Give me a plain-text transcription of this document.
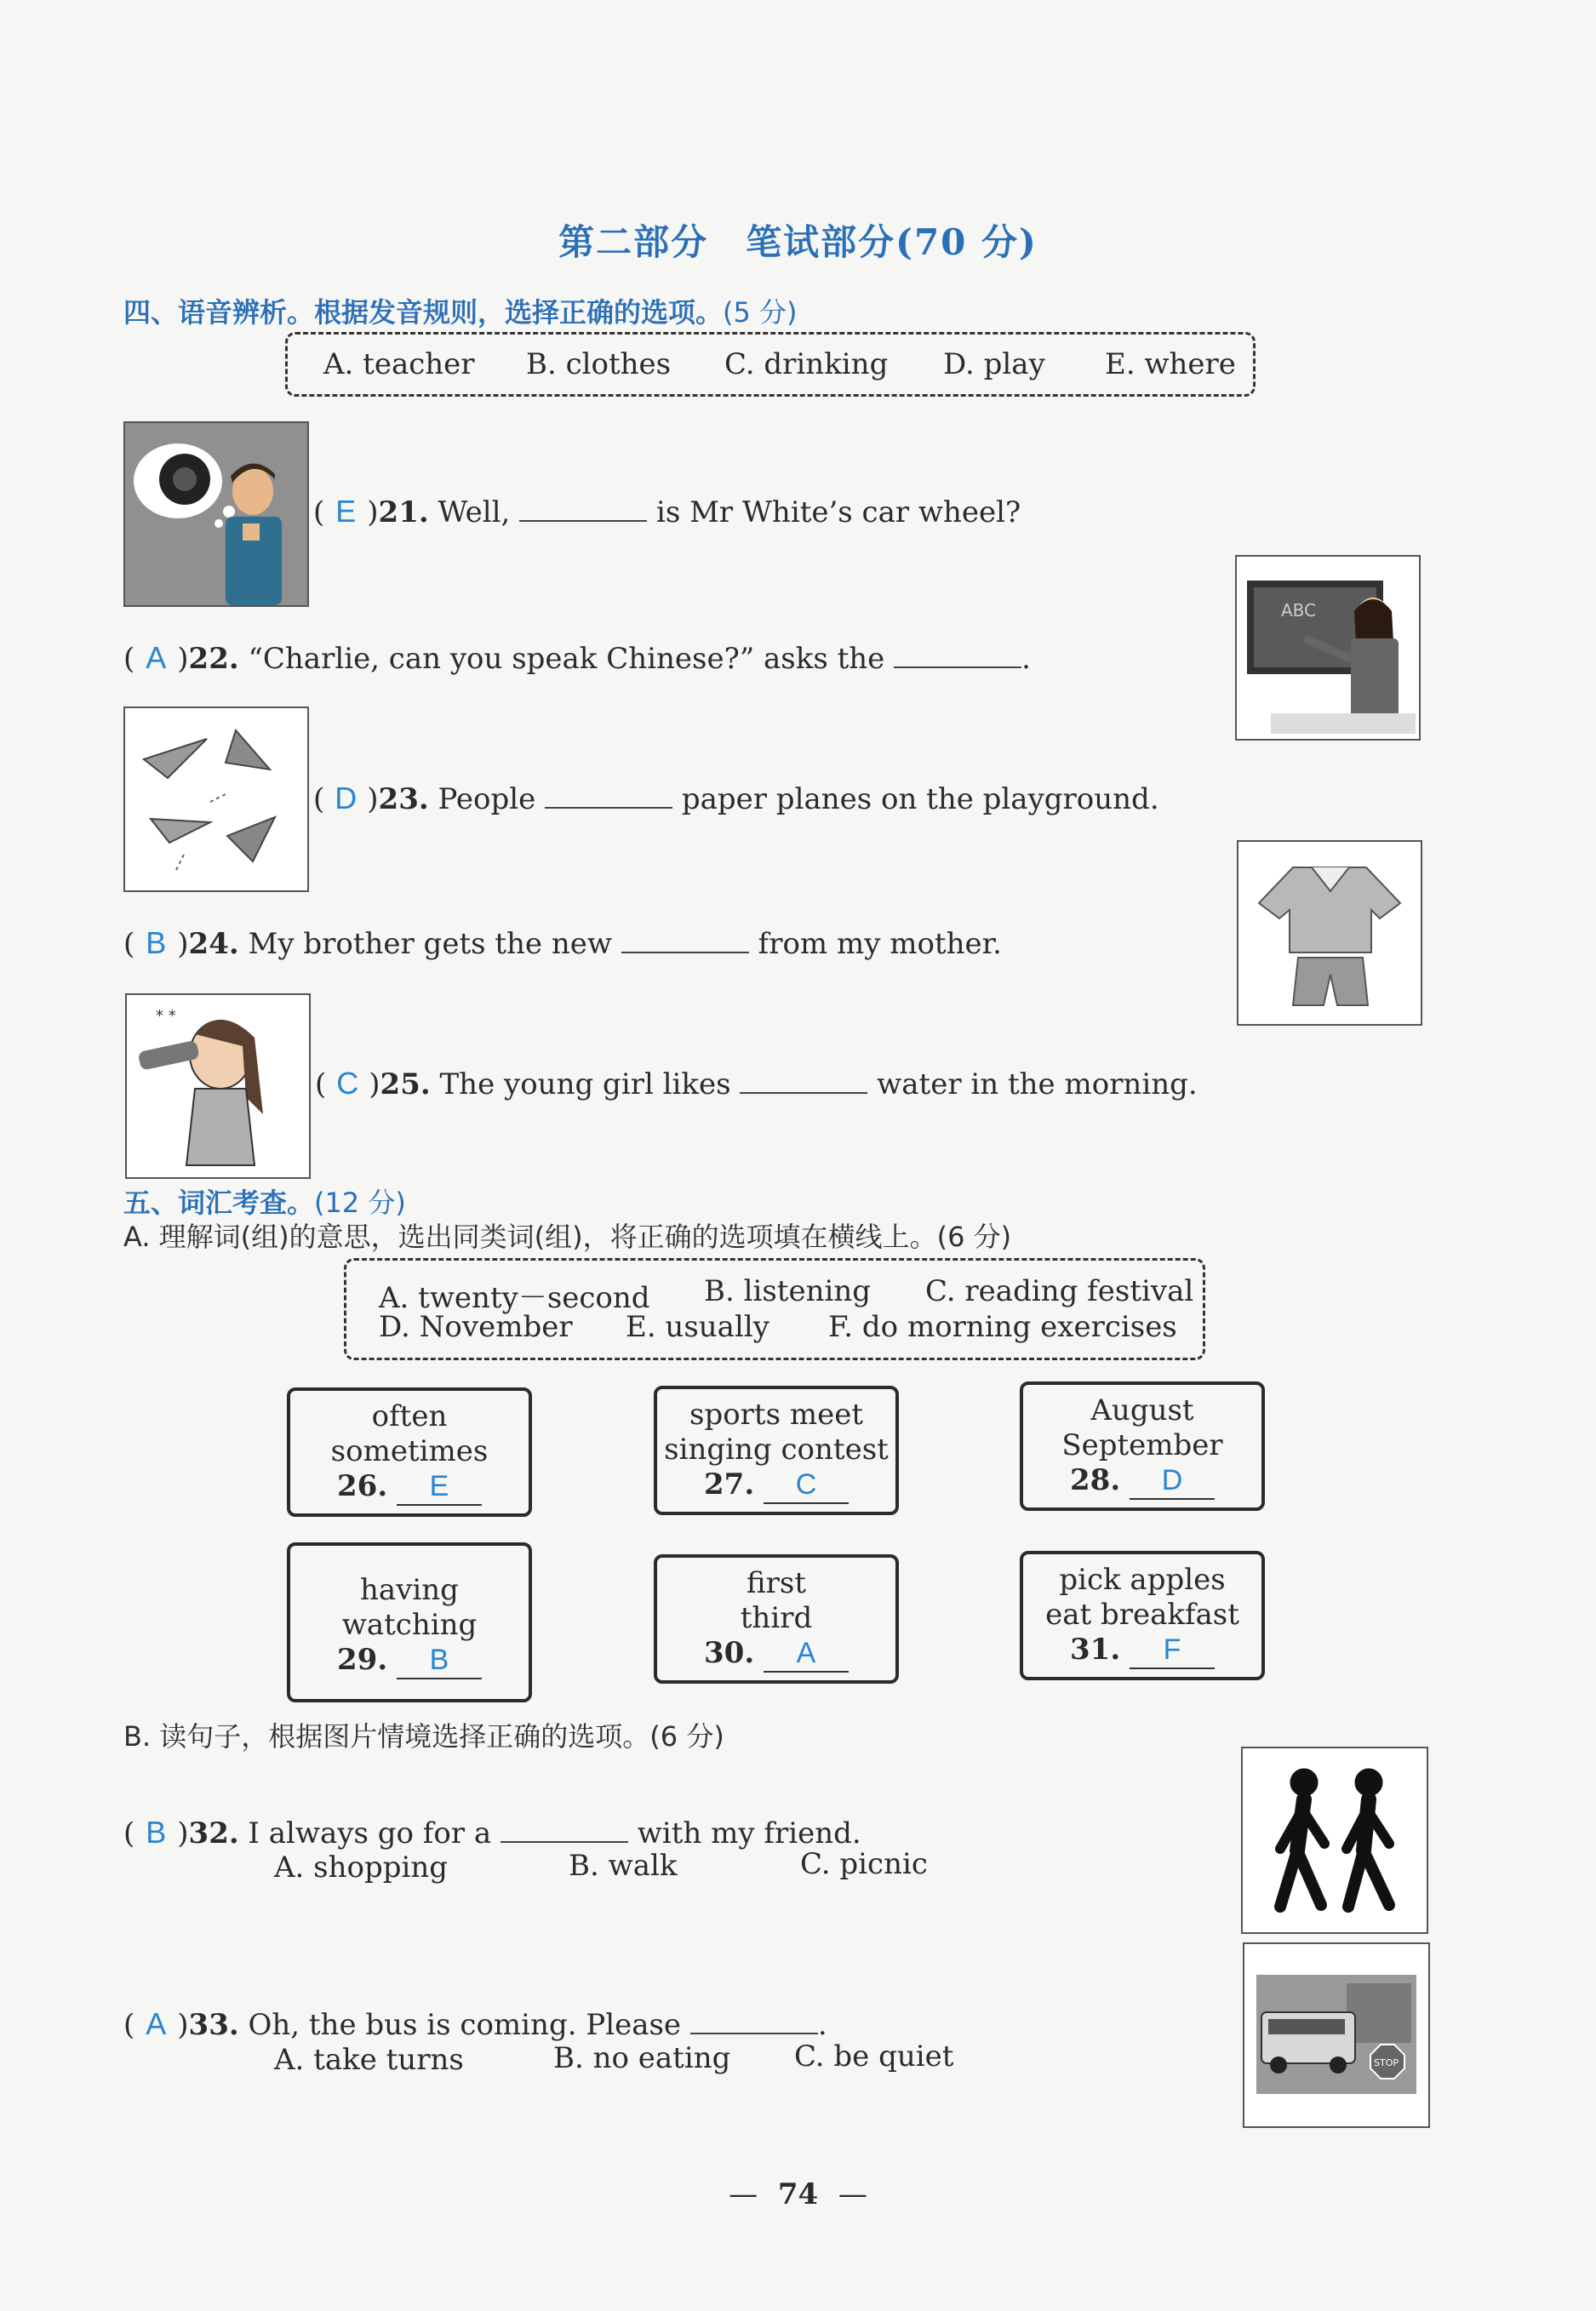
第二部分　笔试部分(70 分)
四、语音辨析。根据发音规则，选择正确的选项。(5 分)
A. teacher B. clothes C. drinking D. play E. where
( E )21. Well,	is Mr White’s car wheel?
ABC
( A )22. “Charlie, can you speak Chinese?” asks the	.
( D )23. People	paper planes on the playground.
( B )24. My brother gets the new	from my mother.
* *
( C )25. The young girl likes	water in the morning.
五、词汇考查。(12 分)
A. 理解词(组)的意思，选出同类词(组)，将正确的选项填在横线上。(6 分)
A. twenty－second B. listening C. reading festival
D. November E. usually F. do morning exercises
often
sometimes
26. E
sports meet
singing contest
27. C
August
September
28. D
having
watching
29. B
first
third
30. A
pick apples
eat breakfast
31. F
B. 读句子，根据图片情境选择正确的选项。(6 分)
( B )32. I always go for a	with my friend.
A. shopping	B. walk	C. picnic
STOP
( A )33. Oh, the bus is coming. Please	.
A. take turns	B. no eating C. be quiet
— 74 —
